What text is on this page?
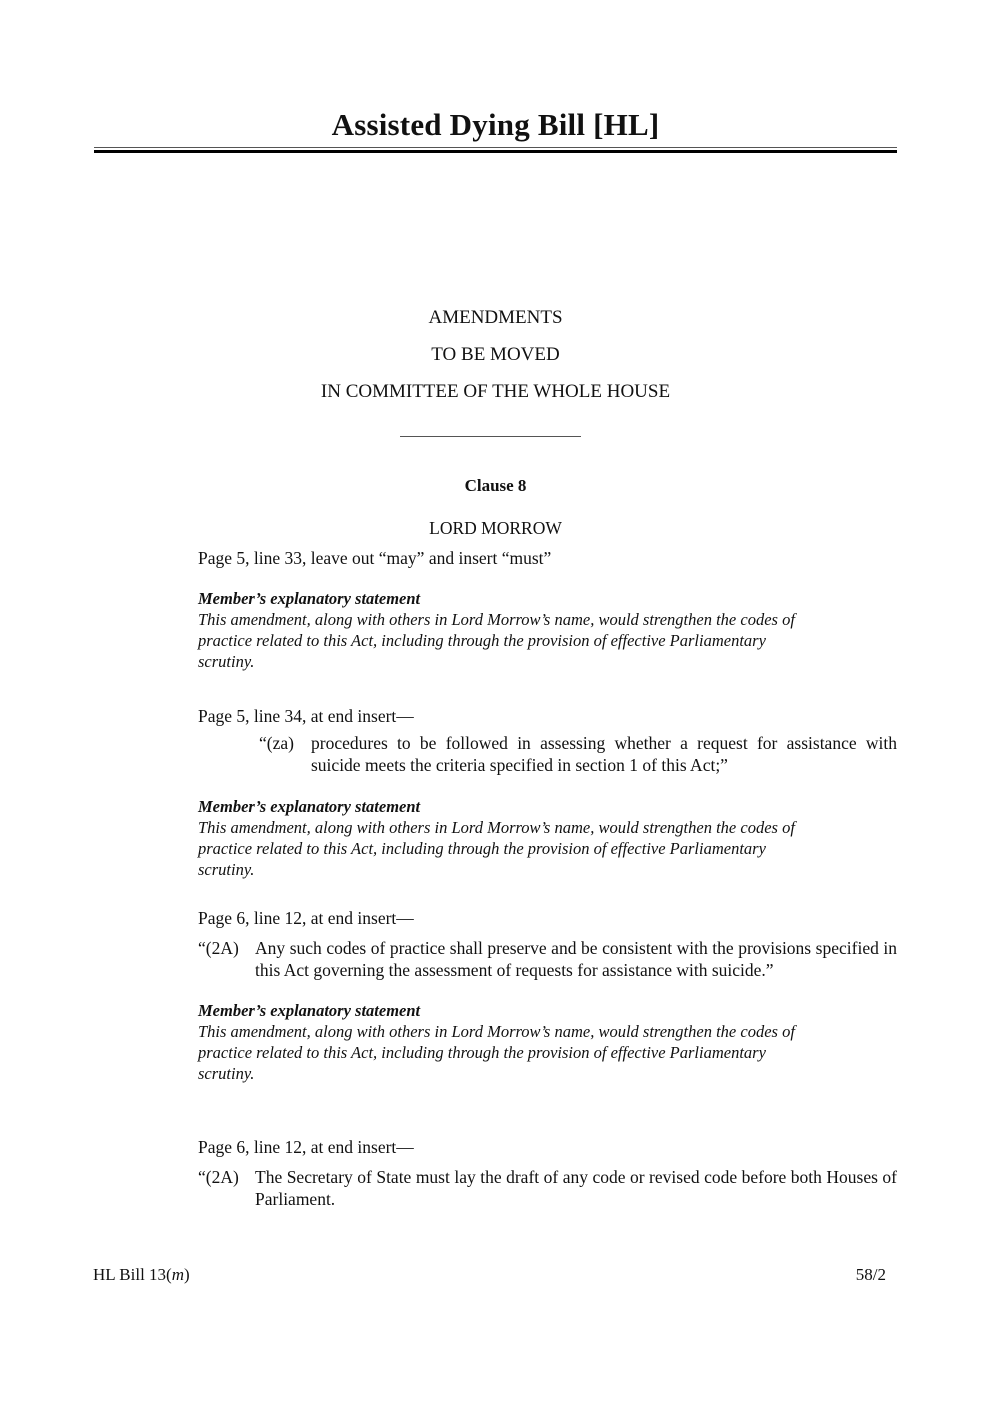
Assisted Dying Bill [HL]
AMENDMENTS
TO BE MOVED
IN COMMITTEE OF THE WHOLE HOUSE
Clause 8
LORD MORROW
Page 5, line 33, leave out “may” and insert “must”
Member’s explanatory statement
This amendment, along with others in Lord Morrow’s name, would strengthen the codes of
practice related to this Act, including through the provision of effective Parliamentary
scrutiny.
Page 5, line 34, at end insert—
“(za) procedures to be followed in assessing whether a request for assistance with suicide meets the criteria specified in section 1 of this Act;”
Member’s explanatory statement
This amendment, along with others in Lord Morrow’s name, would strengthen the codes of
practice related to this Act, including through the provision of effective Parliamentary
scrutiny.
Page 6, line 12, at end insert—
“(2A) Any such codes of practice shall preserve and be consistent with the provisions specified in this Act governing the assessment of requests for assistance with suicide.”
Member’s explanatory statement
This amendment, along with others in Lord Morrow’s name, would strengthen the codes of
practice related to this Act, including through the provision of effective Parliamentary
scrutiny.
Page 6, line 12, at end insert—
“(2A) The Secretary of State must lay the draft of any code or revised code before both Houses of Parliament.
HL Bill 13(m)	58/2
